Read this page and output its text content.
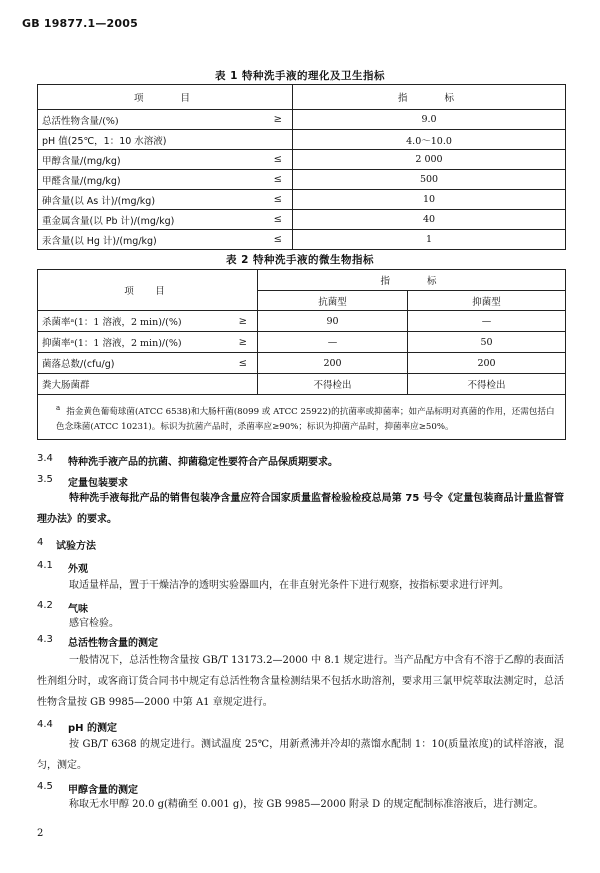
GB 19877.1—2005
表 1 特种洗手液的理化及卫生指标
项　　目		指　　标
总活性物含量/(%)	≥	9.0
pH 值(25℃，1：10 水溶液)		4.0～10.0
甲醇含量/(mg/kg)	≤	2 000
甲醛含量/(mg/kg)	≤	500
砷含量(以 As 计)/(mg/kg)	≤	10
重金属含量(以 Pb 计)/(mg/kg)	≤	40
汞含量(以 Hg 计)/(mg/kg)	≤	1
表 2 特种洗手液的微生物指标
项　目		指　　标	
		抗菌型	抑菌型
杀菌率ᵃ(1：1 溶液，2 min)/(%)	≥	90	—
抑菌率ᵃ(1：1 溶液，2 min)/(%)	≥	—	50
菌落总数/(cfu/g)	≤	200	200
粪大肠菌群		不得检出	不得检出
$^a$ 指金黄色葡萄球菌(ATCC 6538)和大肠杆菌(8099 或 ATCC 25922)的抗菌率或抑菌率；如产品标明对真菌的作用，还需包括白色念珠菌(ATCC 10231)。标识为抗菌产品时，杀菌率应≥90%；标识为抑菌产品时，抑菌率应≥50%。			
3.4 特种洗手液产品的抗菌、抑菌稳定性要符合产品保质期要求。
3.5 定量包装要求
特种洗手液每批产品的销售包装净含量应符合国家质量监督检验检疫总局第 75 号令《定量包装商品计量监督管理办法》的要求。
4 试验方法
4.1 外观
取适量样品，置于干燥洁净的透明实验器皿内，在非直射光条件下进行观察，按指标要求进行评判。
4.2 气味
感官检验。
4.3 总活性物含量的测定
一般情况下，总活性物含量按 GB/T 13173.2—2000 中 8.1 规定进行。当产品配方中含有不溶于乙醇的表面活性剂组分时，或客商订货合同书中规定有总活性物含量检测结果不包括水助溶剂，要求用三氯甲烷萃取法测定时，总活性物含量按 GB 9985—2000 中第 A1 章规定进行。
4.4 pH 的测定
按 GB/T 6368 的规定进行。测试温度 25℃，用新煮沸并冷却的蒸馏水配制 1：10(质量浓度)的试样溶液，混匀，测定。
4.5 甲醇含量的测定
称取无水甲醇 20.0 g(精确至 0.001 g)，按 GB 9985—2000 附录 D 的规定配制标准溶液后，进行测定。
2
